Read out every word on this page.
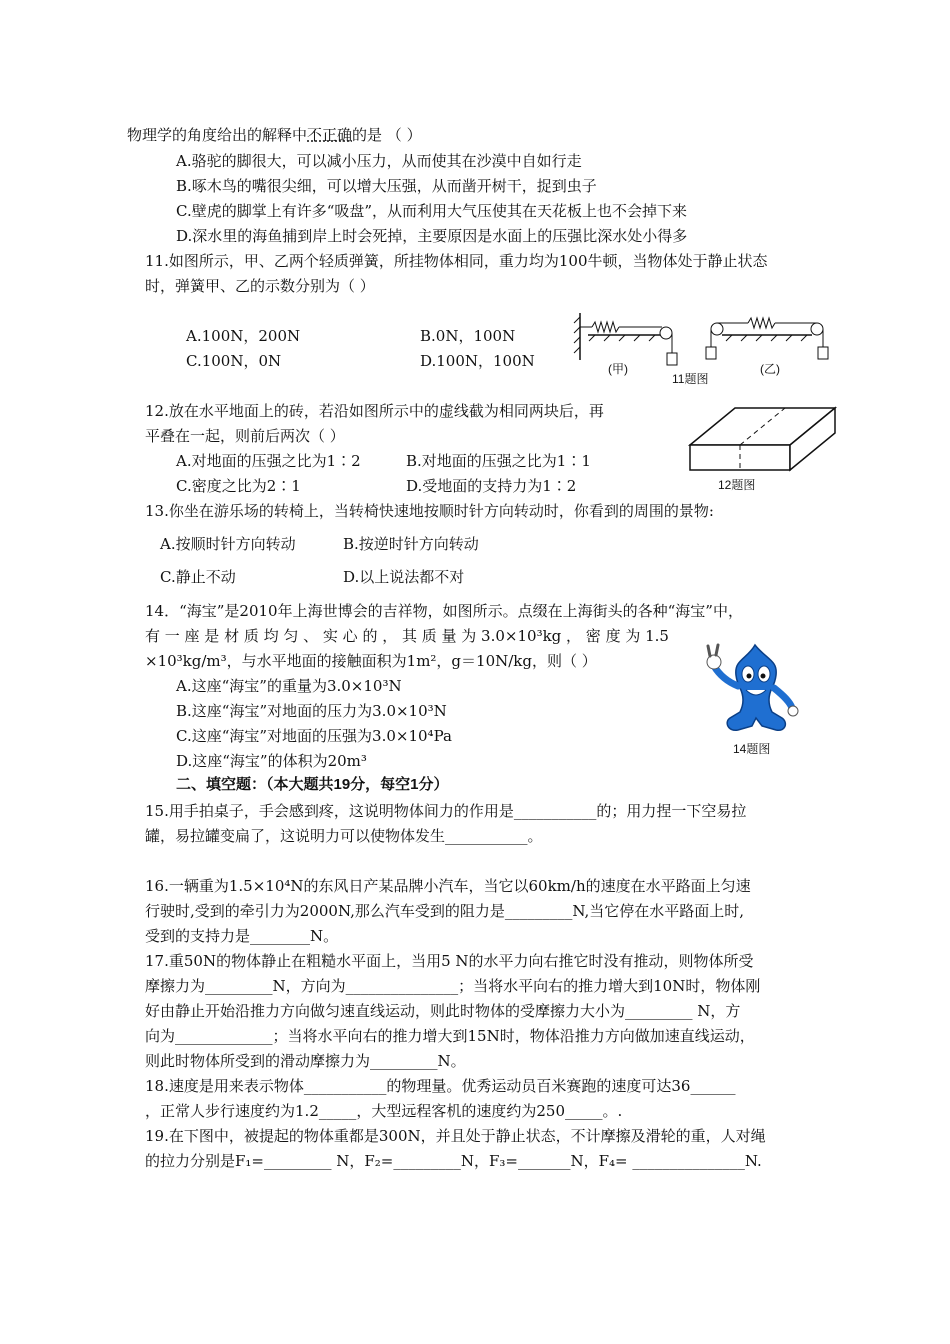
物理学的角度给出的解释中不正确的是 （ ）
A.骆驼的脚很大，可以减小压力，从而使其在沙漠中自如行走
B.啄木鸟的嘴很尖细，可以增大压强，从而凿开树干，捉到虫子
C.壁虎的脚掌上有许多“吸盘”，从而利用大气压使其在天花板上也不会掉下来
D.深水里的海鱼捕到岸上时会死掉，主要原因是水面上的压强比深水处小得多
11.如图所示，甲、乙两个轻质弹簧，所挂物体相同，重力均为100牛顿，当物体处于静止状态
时，弹簧甲、乙的示数分别为（ ）
A.100N，200N	B.0N，100N
C.100N，0N	D.100N，100N	(甲)	(乙)
11题图
12.放在水平地面上的砖，若沿如图所示中的虚线截为相同两块后，再
平叠在一起，则前后两次（ ）
A.对地面的压强之比为1∶2	B.对地面的压强之比为1∶1
C.密度之比为2∶1	D.受地面的支持力为1∶2	12题图
13.你坐在游乐场的转椅上，当转椅快速地按顺时针方向转动时，你看到的周围的景物:
A.按顺时针方向转动	B.按逆时针方向转动
C.静止不动	D.以上说法都不对
14．“海宝”是2010年上海世博会的吉祥物，如图所示。点缀在上海街头的各种“海宝”中，
有 一 座 是 材 质 均 匀 、 实 心 的 ， 其 质 量 为 3.0×10³kg ， 密 度 为 1.5
×10³kg/m³，与水平地面的接触面积为1m²，g＝10N/kg，则（ ）
A.这座“海宝”的重量为3.0×10³N
B.这座“海宝”对地面的压力为3.0×10³N
C.这座“海宝”对地面的压强为3.0×10⁴Pa
D.这座“海宝”的体积为20m³
14题图
二、填空题：（本大题共19分，每空1分）
15.用手拍桌子，手会感到疼，这说明物体间力的作用是___________的；用力捏一下空易拉
罐，易拉罐变扁了，这说明力可以使物体发生___________。
16.一辆重为1.5×10⁴N的东风日产某品牌小汽车，当它以60km/h的速度在水平路面上匀速
行驶时,受到的牵引力为2000N,那么汽车受到的阻力是_________N,当它停在水平路面上时,
受到的支持力是________N。
17.重50N的物体静止在粗糙水平面上，当用5 N的水平力向右推它时没有推动，则物体所受
摩擦力为_________N，方向为_______________；当将水平向右的推力增大到10N时，物体刚
好由静止开始沿推力方向做匀速直线运动，则此时物体的受摩擦力大小为_________ N，方
向为_____________；当将水平向右的推力增大到15N时，物体沿推力方向做加速直线运动，
则此时物体所受到的滑动摩擦力为_________N。
18.速度是用来表示物体___________的物理量。优秀运动员百米赛跑的速度可达36______
，正常人步行速度约为1.2_____，大型远程客机的速度约为250_____。.
19.在下图中，被提起的物体重都是300N，并且处于静止状态，不计摩擦及滑轮的重，人对绳
的拉力分别是F₁=_________ N，F₂=_________N，F₃=_______N，F₄= _______________N.
